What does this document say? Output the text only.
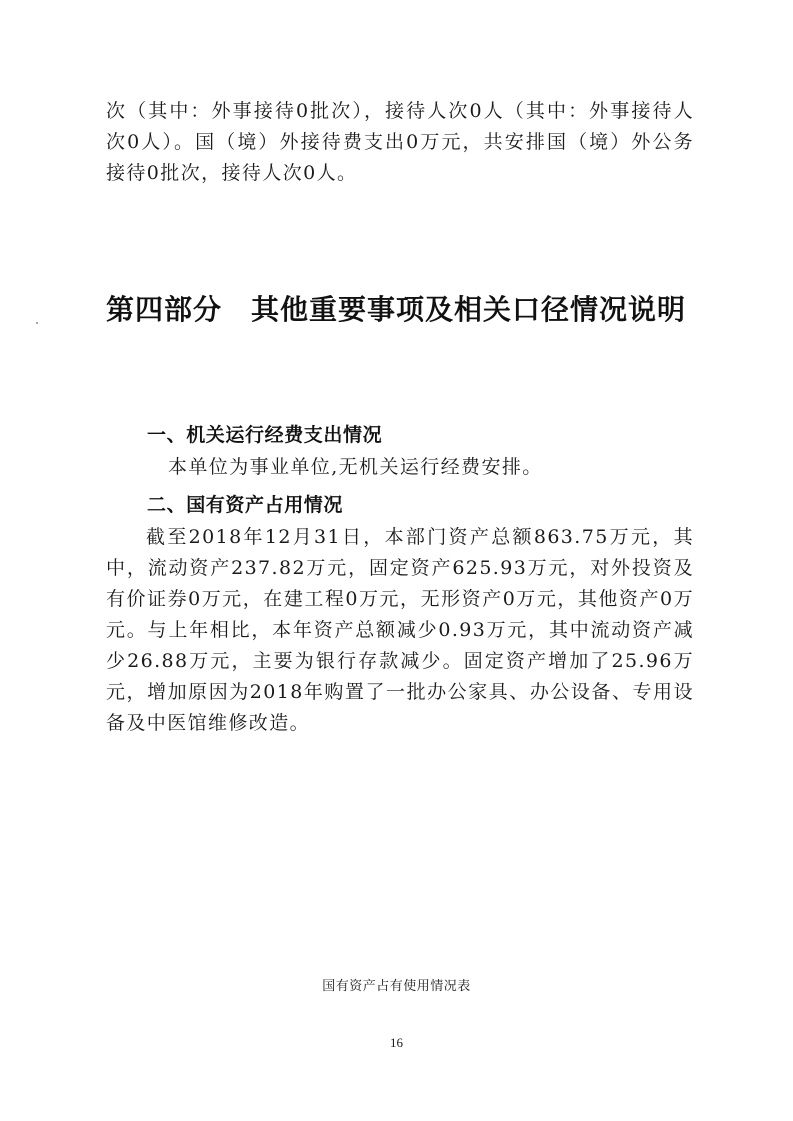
次（其中：外事接待0批次），接待人次0人（其中：外事接待人次0人）。国（境）外接待费支出0万元，共安排国（境）外公务接待0批次，接待人次0人。

第四部分　其他重要事项及相关口径情况说明
一、机关运行经费支出情况

本单位为事业单位,无机关运行经费安排。

二、国有资产占用情况

截至2018年12月31日，本部门资产总额863.75万元，其中，流动资产237.82万元，固定资产625.93万元，对外投资及有价证券0万元，在建工程0万元，无形资产0万元，其他资产0万元。与上年相比，本年资产总额减少0.93万元，其中流动资产减少26.88万元，主要为银行存款减少。固定资产增加了25.96万元，增加原因为2018年购置了一批办公家具、办公设备、专用设备及中医馆维修改造。

国有资产占有使用情况表

16
